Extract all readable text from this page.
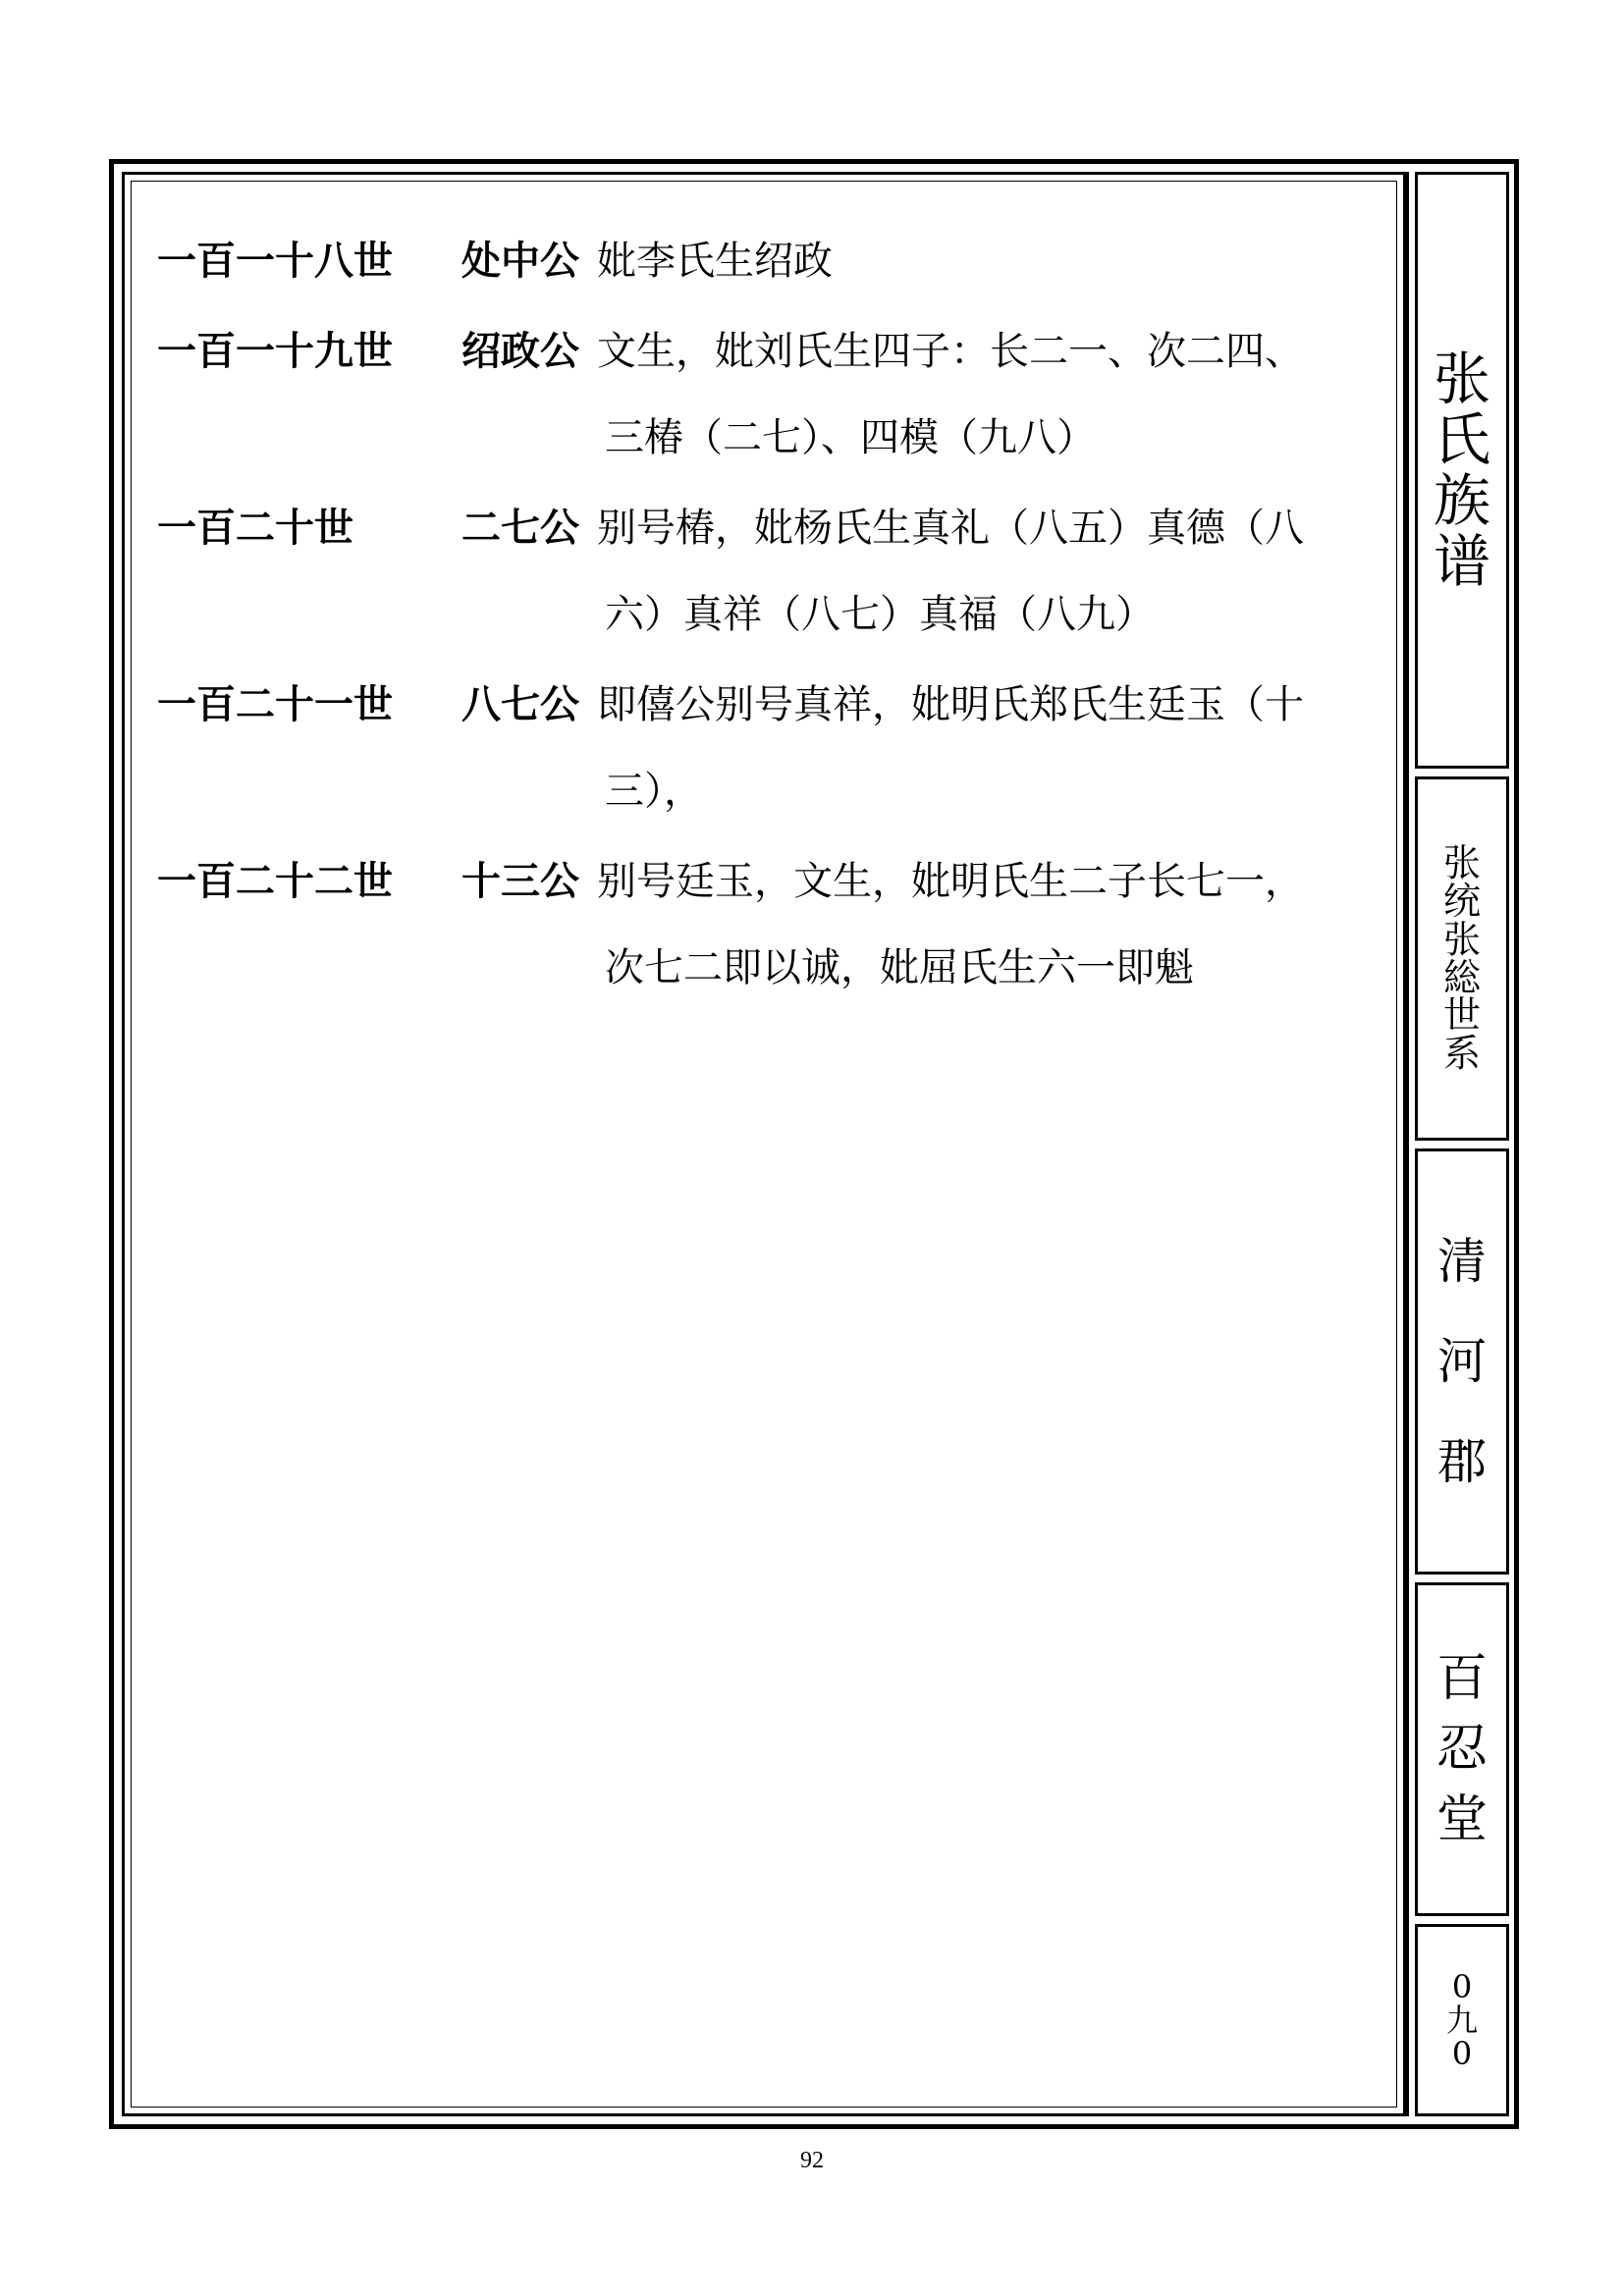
一百一十八世	处中公 妣李氏生绍政

一百一十九世	绍政公 文生，妣刘氏生四子：长二一、次二四、

三椿（二七）、四模（九八）

一百二十世	二七公 别号椿，妣杨氏生真礼（八五）真德（八

六）真祥（八七）真福（八九）

一百二十一世	八七公 即僖公别号真祥，妣明氏郑氏生廷玉（十

三），

一百二十二世	十三公 别号廷玉，文生，妣明氏生二子长七一，

次七二即以诚，妣屈氏生六一即魁

张
氏
族
谱
张
统
张
総
世
系
清
河
郡
百
忍
堂
0
九
0
92
